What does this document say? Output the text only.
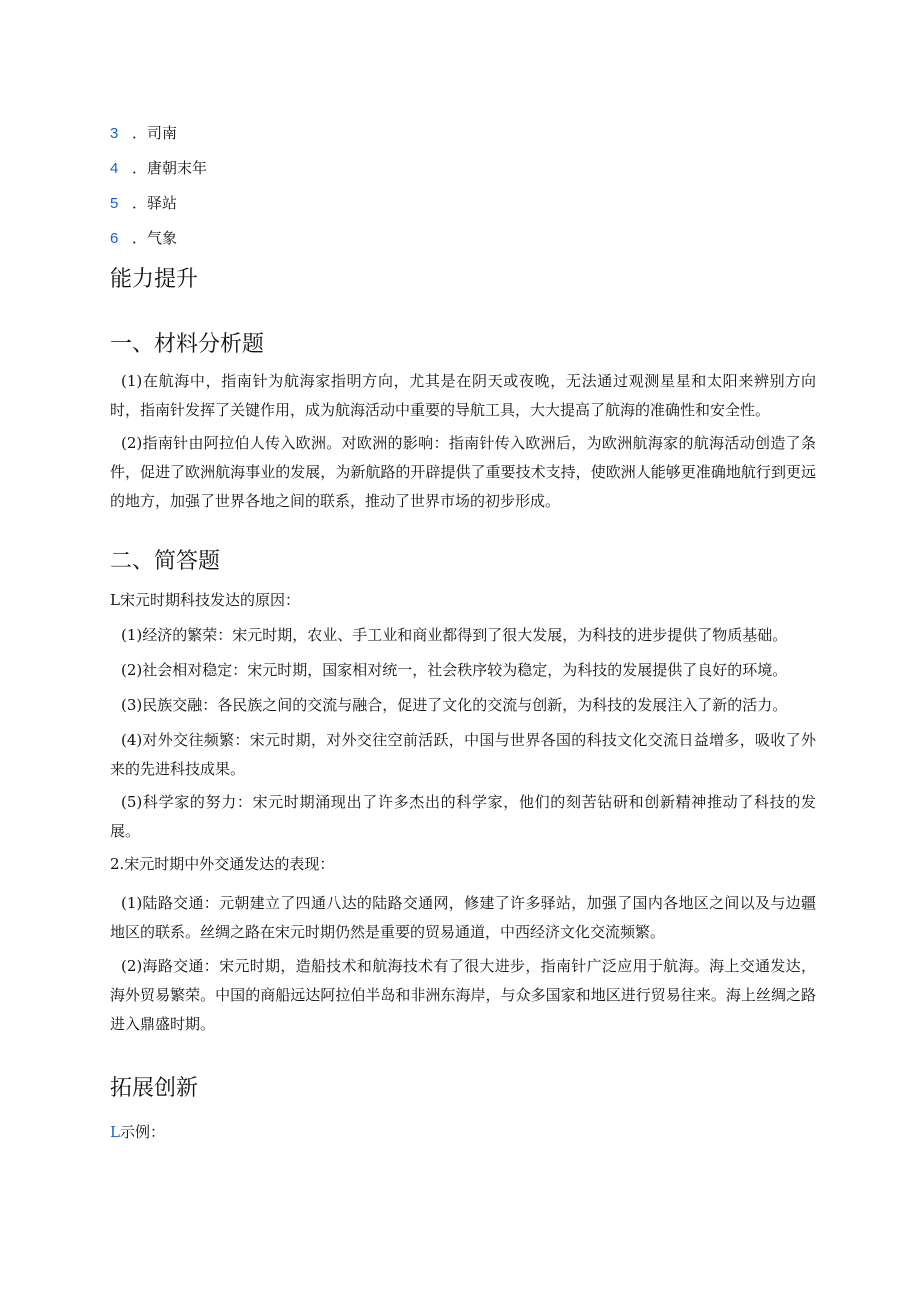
3 ．司南
4 ．唐朝末年
5 ．驿站
6 ．气象
能力提升
一、材料分析题

(1)在航海中，指南针为航海家指明方向，尤其是在阴天或夜晚，无法通过观测星星和太阳来辨别方向时，指南针发挥了关键作用，成为航海活动中重要的导航工具，大大提高了航海的准确性和安全性。

(2)指南针由阿拉伯人传入欧洲。对欧洲的影响：指南针传入欧洲后，为欧洲航海家的航海活动创造了条件，促进了欧洲航海事业的发展，为新航路的开辟提供了重要技术支持，使欧洲人能够更准确地航行到更远的地方，加强了世界各地之间的联系，推动了世界市场的初步形成。

二、简答题
L宋元时期科技发达的原因：

(1)经济的繁荣：宋元时期，农业、手工业和商业都得到了很大发展，为科技的进步提供了物质基础。

(2)社会相对稳定：宋元时期，国家相对统一，社会秩序较为稳定，为科技的发展提供了良好的环境。

(3)民族交融：各民族之间的交流与融合，促进了文化的交流与创新，为科技的发展注入了新的活力。

(4)对外交往频繁：宋元时期，对外交往空前活跃，中国与世界各国的科技文化交流日益增多，吸收了外来的先进科技成果。

(5)科学家的努力：宋元时期涌现出了许多杰出的科学家，他们的刻苦钻研和创新精神推动了科技的发展。

2.宋元时期中外交通发达的表现：

(1)陆路交通：元朝建立了四通八达的陆路交通网，修建了许多驿站，加强了国内各地区之间以及与边疆地区的联系。丝绸之路在宋元时期仍然是重要的贸易通道，中西经济文化交流频繁。

(2)海路交通：宋元时期，造船技术和航海技术有了很大进步，指南针广泛应用于航海。海上交通发达，海外贸易繁荣。中国的商船远达阿拉伯半岛和非洲东海岸，与众多国家和地区进行贸易往来。海上丝绸之路进入鼎盛时期。

拓展创新
L示例：
